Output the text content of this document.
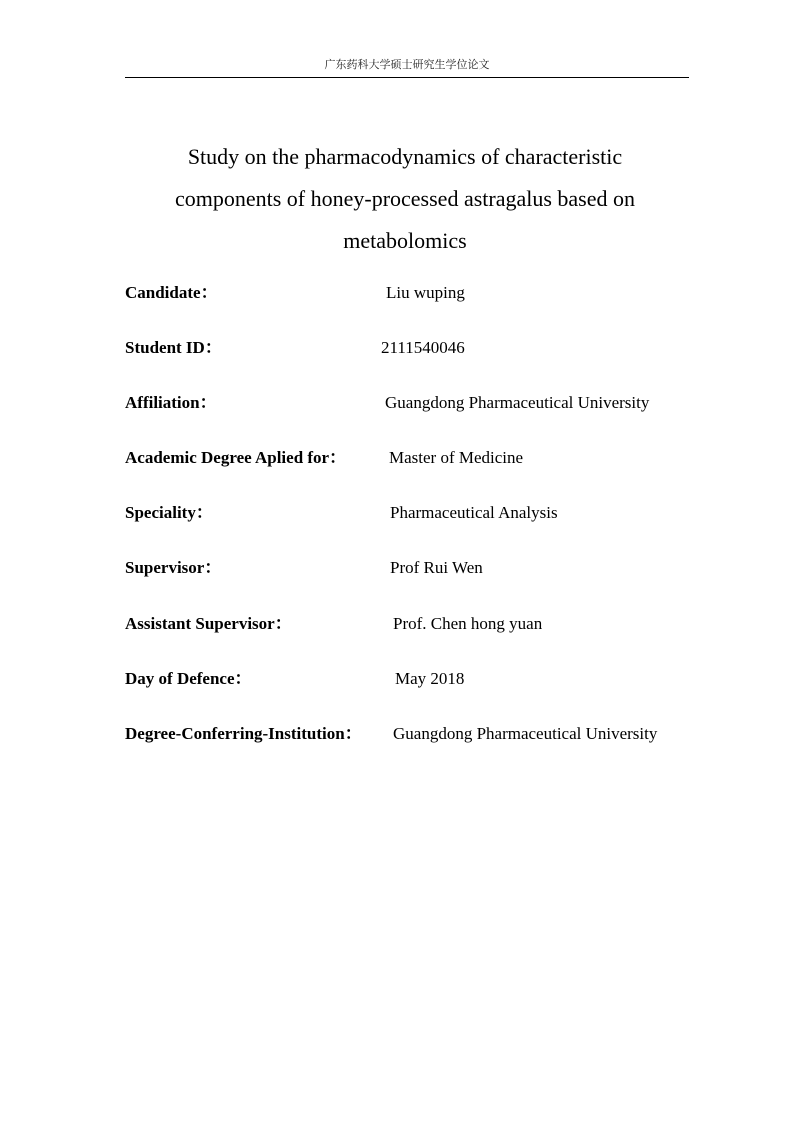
广东药科大学硕士研究生学位论文
Study on the pharmacodynamics of characteristic
components of honey-processed astragalus based on
metabolomics
Candidate：	Liu wuping
Student ID：	2111540046
Affiliation：	Guangdong Pharmaceutical University
Academic Degree Aplied for：	Master of Medicine
Speciality：	Pharmaceutical Analysis
Supervisor：	Prof Rui Wen
Assistant Supervisor：	Prof. Chen hong yuan
Day of Defence：	May 2018
Degree-Conferring-Institution： Guangdong Pharmaceutical University
